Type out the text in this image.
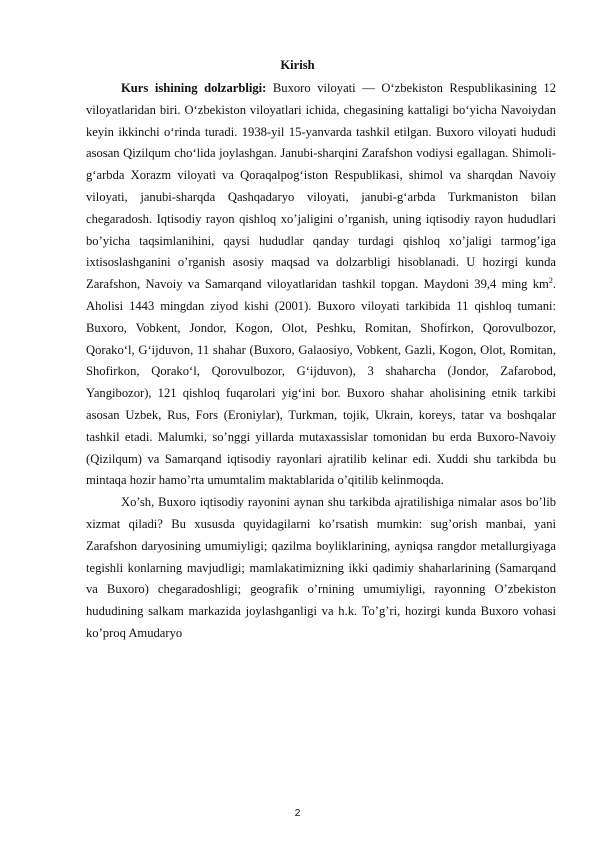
Kirish

Kurs ishining dolzarbligi: Buxoro viloyati — O‘zbekiston Respublikasining 12 viloyatlaridan biri. O‘zbekiston viloyatlari ichida, chegasining kattaligi bo‘yicha Navoiydan keyin ikkinchi o‘rinda turadi. 1938-yil 15-yanvarda tashkil etilgan. Buxoro viloyati hududi asosan Qizilqum cho‘lida joylashgan. Janubi-sharqini Zarafshon vodiysi egallagan. Shimoli-g‘arbda Xorazm viloyati va Qoraqalpog‘iston Respublikasi, shimol va sharqdan Navoiy viloyati, janubi-sharqda Qashqadaryo viloyati, janubi-g‘arbda Turkmaniston bilan chegaradosh. Iqtisodiy rayon qishloq xo’jaligini o’rganish, uning iqtisodiy rayon hududlari bo’yicha taqsimlanihini, qaysi hududlar qanday turdagi qishloq xo’jaligi tarmog’iga ixtisoslashganini o’rganish asosiy maqsad va dolzarbligi hisoblanadi. U hozirgi kunda Zarafshon, Navoiy va Samarqand viloyatlaridan tashkil topgan. Maydoni 39,4 ming $km^2$. Aholisi 1443 mingdan ziyod kishi (2001). Buxoro viloyati tarkibida 11 qishloq tumani: Buxoro, Vobkent, Jondor, Kogon, Olot, Peshku, Romitan, Shofirkon, Qorovulbozor, Qorako‘l, G‘ijduvon, 11 shahar (Buxoro, Galaosiyo, Vobkent, Gazli, Kogon, Olot, Romitan, Shofirkon, Qorako‘l, Qorovulbozor, G‘ijduvon), 3 shaharcha (Jondor, Zafarobod, Yangibozor), 121 qishloq fuqarolari yig‘ini bor. Buxoro shahar aholisining etnik tarkibi asosan Uzbek, Rus, Fors (Eroniylar), Turkman, tojik, Ukrain, koreys, tatar va boshqalar tashkil etadi. Malumki, so’nggi yillarda mutaxassislar tomonidan bu erda Buxoro-Navoiy (Qizilqum) va Samarqand iqtisodiy rayonlari ajratilib kelinar edi. Xuddi shu tarkibda bu mintaqa hozir hamo’rta umumtalim maktablarida o’qitilib kelinmoqda.

Xo’sh, Buxoro iqtisodiy rayonini aynan shu tarkibda ajratilishiga nimalar asos bo’lib xizmat qiladi? Bu xususda quyidagilarni ko’rsatish mumkin: sug’orish manbai, yani Zarafshon daryosining umumiyligi; qazilma boyliklarining, ayniqsa rangdor metallurgiyaga tegishli konlarning mavjudligi; mamlakatimizning ikki qadimiy shaharlarining (Samarqand va Buxoro) chegaradoshligi; geografik o’rnining umumiyligi, rayonning O’zbekiston hududining salkam markazida joylashganligi va h.k. To’g’ri, hozirgi kunda Buxoro vohasi ko’proq Amudaryo

2
